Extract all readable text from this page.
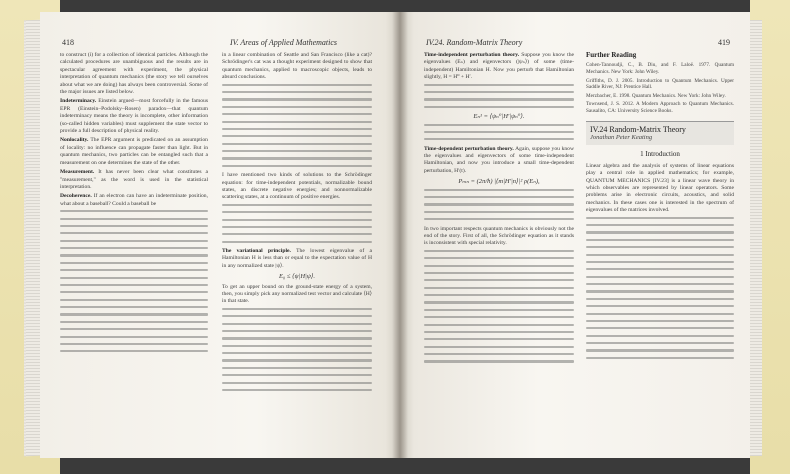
418	IV. Areas of Applied Mathematics

to construct (i) for a collection of identical particles. Although the calculated procedures are unambiguous and the results are in spectacular agreement with experiment, the physical interpretation of quantum mechanics (the story we tell ourselves about what we are doing) has always been controversial. Some of the major issues are listed below.

Indeterminacy. Einstein argued—most forcefully in the famous EPR (Einstein–Podolsky–Rosen) paradox—that quantum indeterminacy means the theory is incomplete, other information (so-called hidden variables) must supplement the state vector to provide a full description of physical reality.

Nonlocality. The EPR argument is predicated on an assumption of locality: no influence can propagate faster than light. But in quantum mechanics, two particles can be entangled such that a measurement on one determines the state of the other.

Measurement. It has never been clear what constitutes a "measurement," as the word is used in the statistical interpretation.

Decoherence. If an electron can have an indeterminate position, what about a baseball? Could a baseball be

in a linear combination of Seattle and San Francisco (like a cat)? Schrödinger's cat was a thought experiment designed to show that quantum mechanics, applied to macroscopic objects, leads to absurd conclusions.

I have mentioned two kinds of solutions to the Schrödinger equation: for time-independent potentials, normalizable bound states, an discrete negative energies; and nonnormalizable scattering states, at a continuum of positive energies.

The variational principle. The lowest eigenvalue of a Hamiltonian H is less than or equal to the expectation value of H in any normalized state |ψ⟩.

E₀ ≤ ⟨ψ|H|ψ⟩.

To get an upper bound on the ground-state energy of a system, then, you simply pick any normalized test vector and calculate ⟨H⟩ in that state.

IV.24. Random-Matrix Theory	419

Time-independent perturbation theory. Suppose you know the eigenvalues (Eₙ) and eigenvectors (|ψₙ⟩) of some (time-independent) Hamiltonian H. Now you perturb that Hamiltonian slightly, H = H⁰ + H′.

Eₙ¹ = ⟨ψₙ⁰|H′|ψₙ⁰⟩.

Time-dependent perturbation theory. Again, suppose you know the eigenvalues and eigenvectors of some time-independent Hamiltonian, and now you introduce a small time-dependent perturbation, H′(t).

Pₘₙ = (2π/ħ) |⟨m|H′|n⟩|² ρ(Eₙ),

In two important respects quantum mechanics is obviously not the end of the story. First of all, the Schrödinger equation as it stands is inconsistent with special relativity.

Further Reading
Cohen-Tannoudji, C., B. Diu, and F. Laloë. 1977. Quantum Mechanics. New York: John Wiley.
Griffiths, D. J. 2005. Introduction to Quantum Mechanics. Upper Saddle River, NJ: Prentice Hall.
Merzbacher, E. 1998. Quantum Mechanics. New York: John Wiley.
Townsend, J. S. 2012. A Modern Approach to Quantum Mechanics. Sausalito, CA: University Science Books.
IV.24 Random-Matrix Theory
Jonathan Peter Keating
1 Introduction

Linear algebra and the analysis of systems of linear equations play a central role in applied mathematics; for example, QUANTUM MECHANICS [IV.23] is a linear wave theory in which observables are represented by linear operators. Some problems arise in electronic circuits, acoustics, and solid mechanics. In these cases one is interested in the spectrum of eigenvalues of the matrices involved.
